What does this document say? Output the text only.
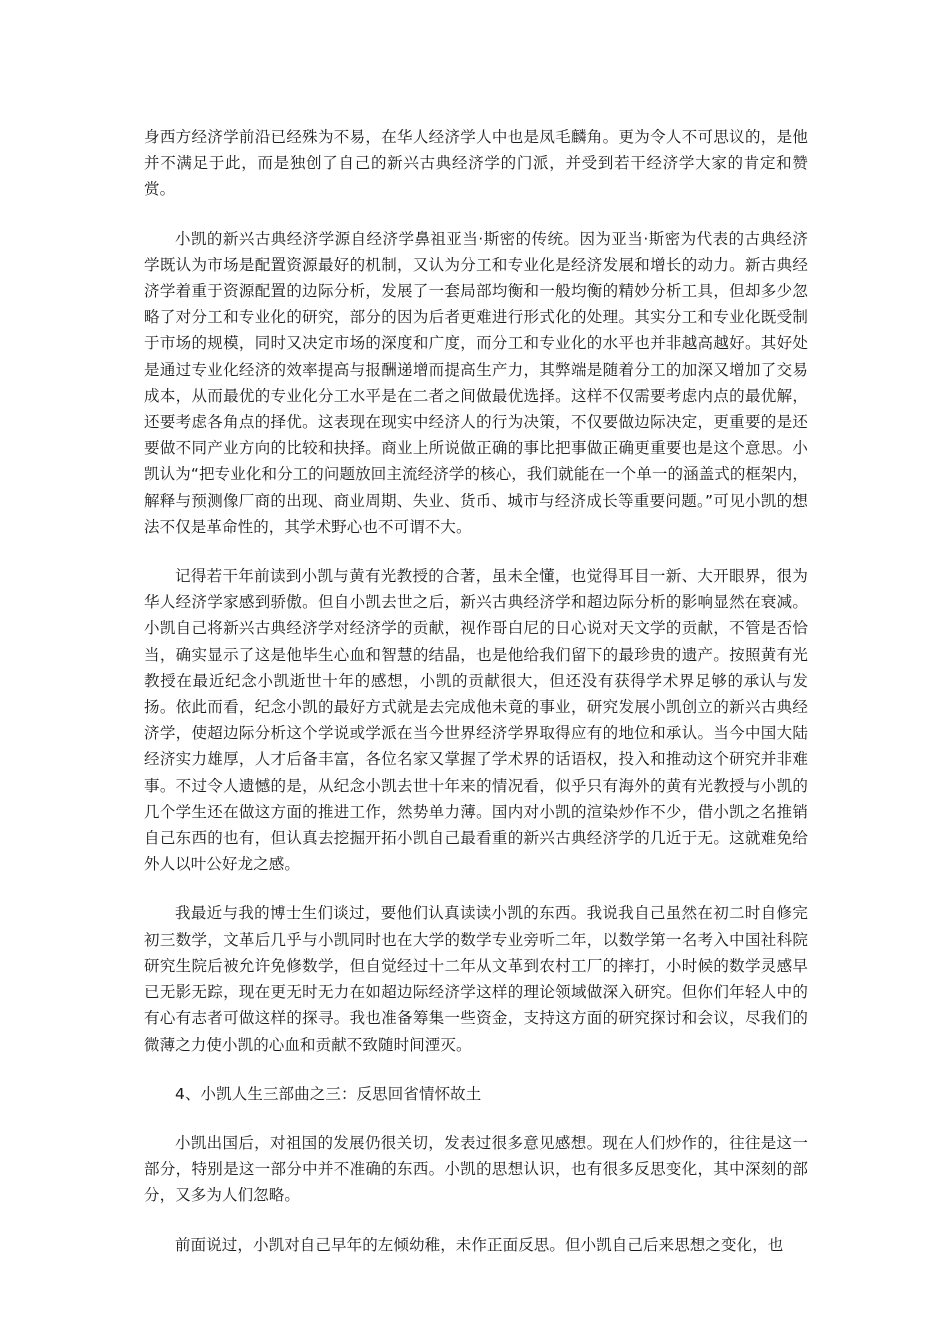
身西方经济学前沿已经殊为不易，在华人经济学人中也是凤毛麟角。更为令人不可思议的，是他并不满足于此，而是独创了自己的新兴古典经济学的门派，并受到若干经济学大家的肯定和赞赏。

小凯的新兴古典经济学源自经济学鼻祖亚当·斯密的传统。因为亚当·斯密为代表的古典经济学既认为市场是配置资源最好的机制，又认为分工和专业化是经济发展和增长的动力。新古典经济学着重于资源配置的边际分析，发展了一套局部均衡和一般均衡的精妙分析工具，但却多少忽略了对分工和专业化的研究，部分的因为后者更难进行形式化的处理。其实分工和专业化既受制于市场的规模，同时又决定市场的深度和广度，而分工和专业化的水平也并非越高越好。其好处是通过专业化经济的效率提高与报酬递增而提高生产力，其弊端是随着分工的加深又增加了交易成本，从而最优的专业化分工水平是在二者之间做最优选择。这样不仅需要考虑内点的最优解，还要考虑各角点的择优。这表现在现实中经济人的行为决策，不仅要做边际决定，更重要的是还要做不同产业方向的比较和抉择。商业上所说做正确的事比把事做正确更重要也是这个意思。小凯认为“把专业化和分工的问题放回主流经济学的核心，我们就能在一个单一的涵盖式的框架内，解释与预测像厂商的出现、商业周期、失业、货币、城市与经济成长等重要问题。”可见小凯的想法不仅是革命性的，其学术野心也不可谓不大。

记得若干年前读到小凯与黄有光教授的合著，虽未全懂，也觉得耳目一新、大开眼界，很为华人经济学家感到骄傲。但自小凯去世之后，新兴古典经济学和超边际分析的影响显然在衰减。小凯自己将新兴古典经济学对经济学的贡献，视作哥白尼的日心说对天文学的贡献，不管是否恰当，确实显示了这是他毕生心血和智慧的结晶，也是他给我们留下的最珍贵的遗产。按照黄有光教授在最近纪念小凯逝世十年的感想，小凯的贡献很大，但还没有获得学术界足够的承认与发扬。依此而看，纪念小凯的最好方式就是去完成他未竟的事业，研究发展小凯创立的新兴古典经济学，使超边际分析这个学说或学派在当今世界经济学界取得应有的地位和承认。当今中国大陆经济实力雄厚，人才后备丰富，各位名家又掌握了学术界的话语权，投入和推动这个研究并非难事。不过令人遗憾的是，从纪念小凯去世十年来的情况看，似乎只有海外的黄有光教授与小凯的几个学生还在做这方面的推进工作，然势单力薄。国内对小凯的渲染炒作不少，借小凯之名推销自己东西的也有，但认真去挖掘开拓小凯自己最看重的新兴古典经济学的几近于无。这就难免给外人以叶公好龙之感。

我最近与我的博士生们谈过，要他们认真读读小凯的东西。我说我自己虽然在初二时自修完初三数学，文革后几乎与小凯同时也在大学的数学专业旁听二年，以数学第一名考入中国社科院研究生院后被允许免修数学，但自觉经过十二年从文革到农村工厂的摔打，小时候的数学灵感早已无影无踪，现在更无时无力在如超边际经济学这样的理论领域做深入研究。但你们年轻人中的有心有志者可做这样的探寻。我也准备筹集一些资金，支持这方面的研究探讨和会议，尽我们的微薄之力使小凯的心血和贡献不致随时间湮灭。

4、小凯人生三部曲之三：反思回省情怀故土

小凯出国后，对祖国的发展仍很关切，发表过很多意见感想。现在人们炒作的，往往是这一部分，特别是这一部分中并不准确的东西。小凯的思想认识，也有很多反思变化，其中深刻的部分，又多为人们忽略。

前面说过，小凯对自己早年的左倾幼稚，未作正面反思。但小凯自己后来思想之变化，也
